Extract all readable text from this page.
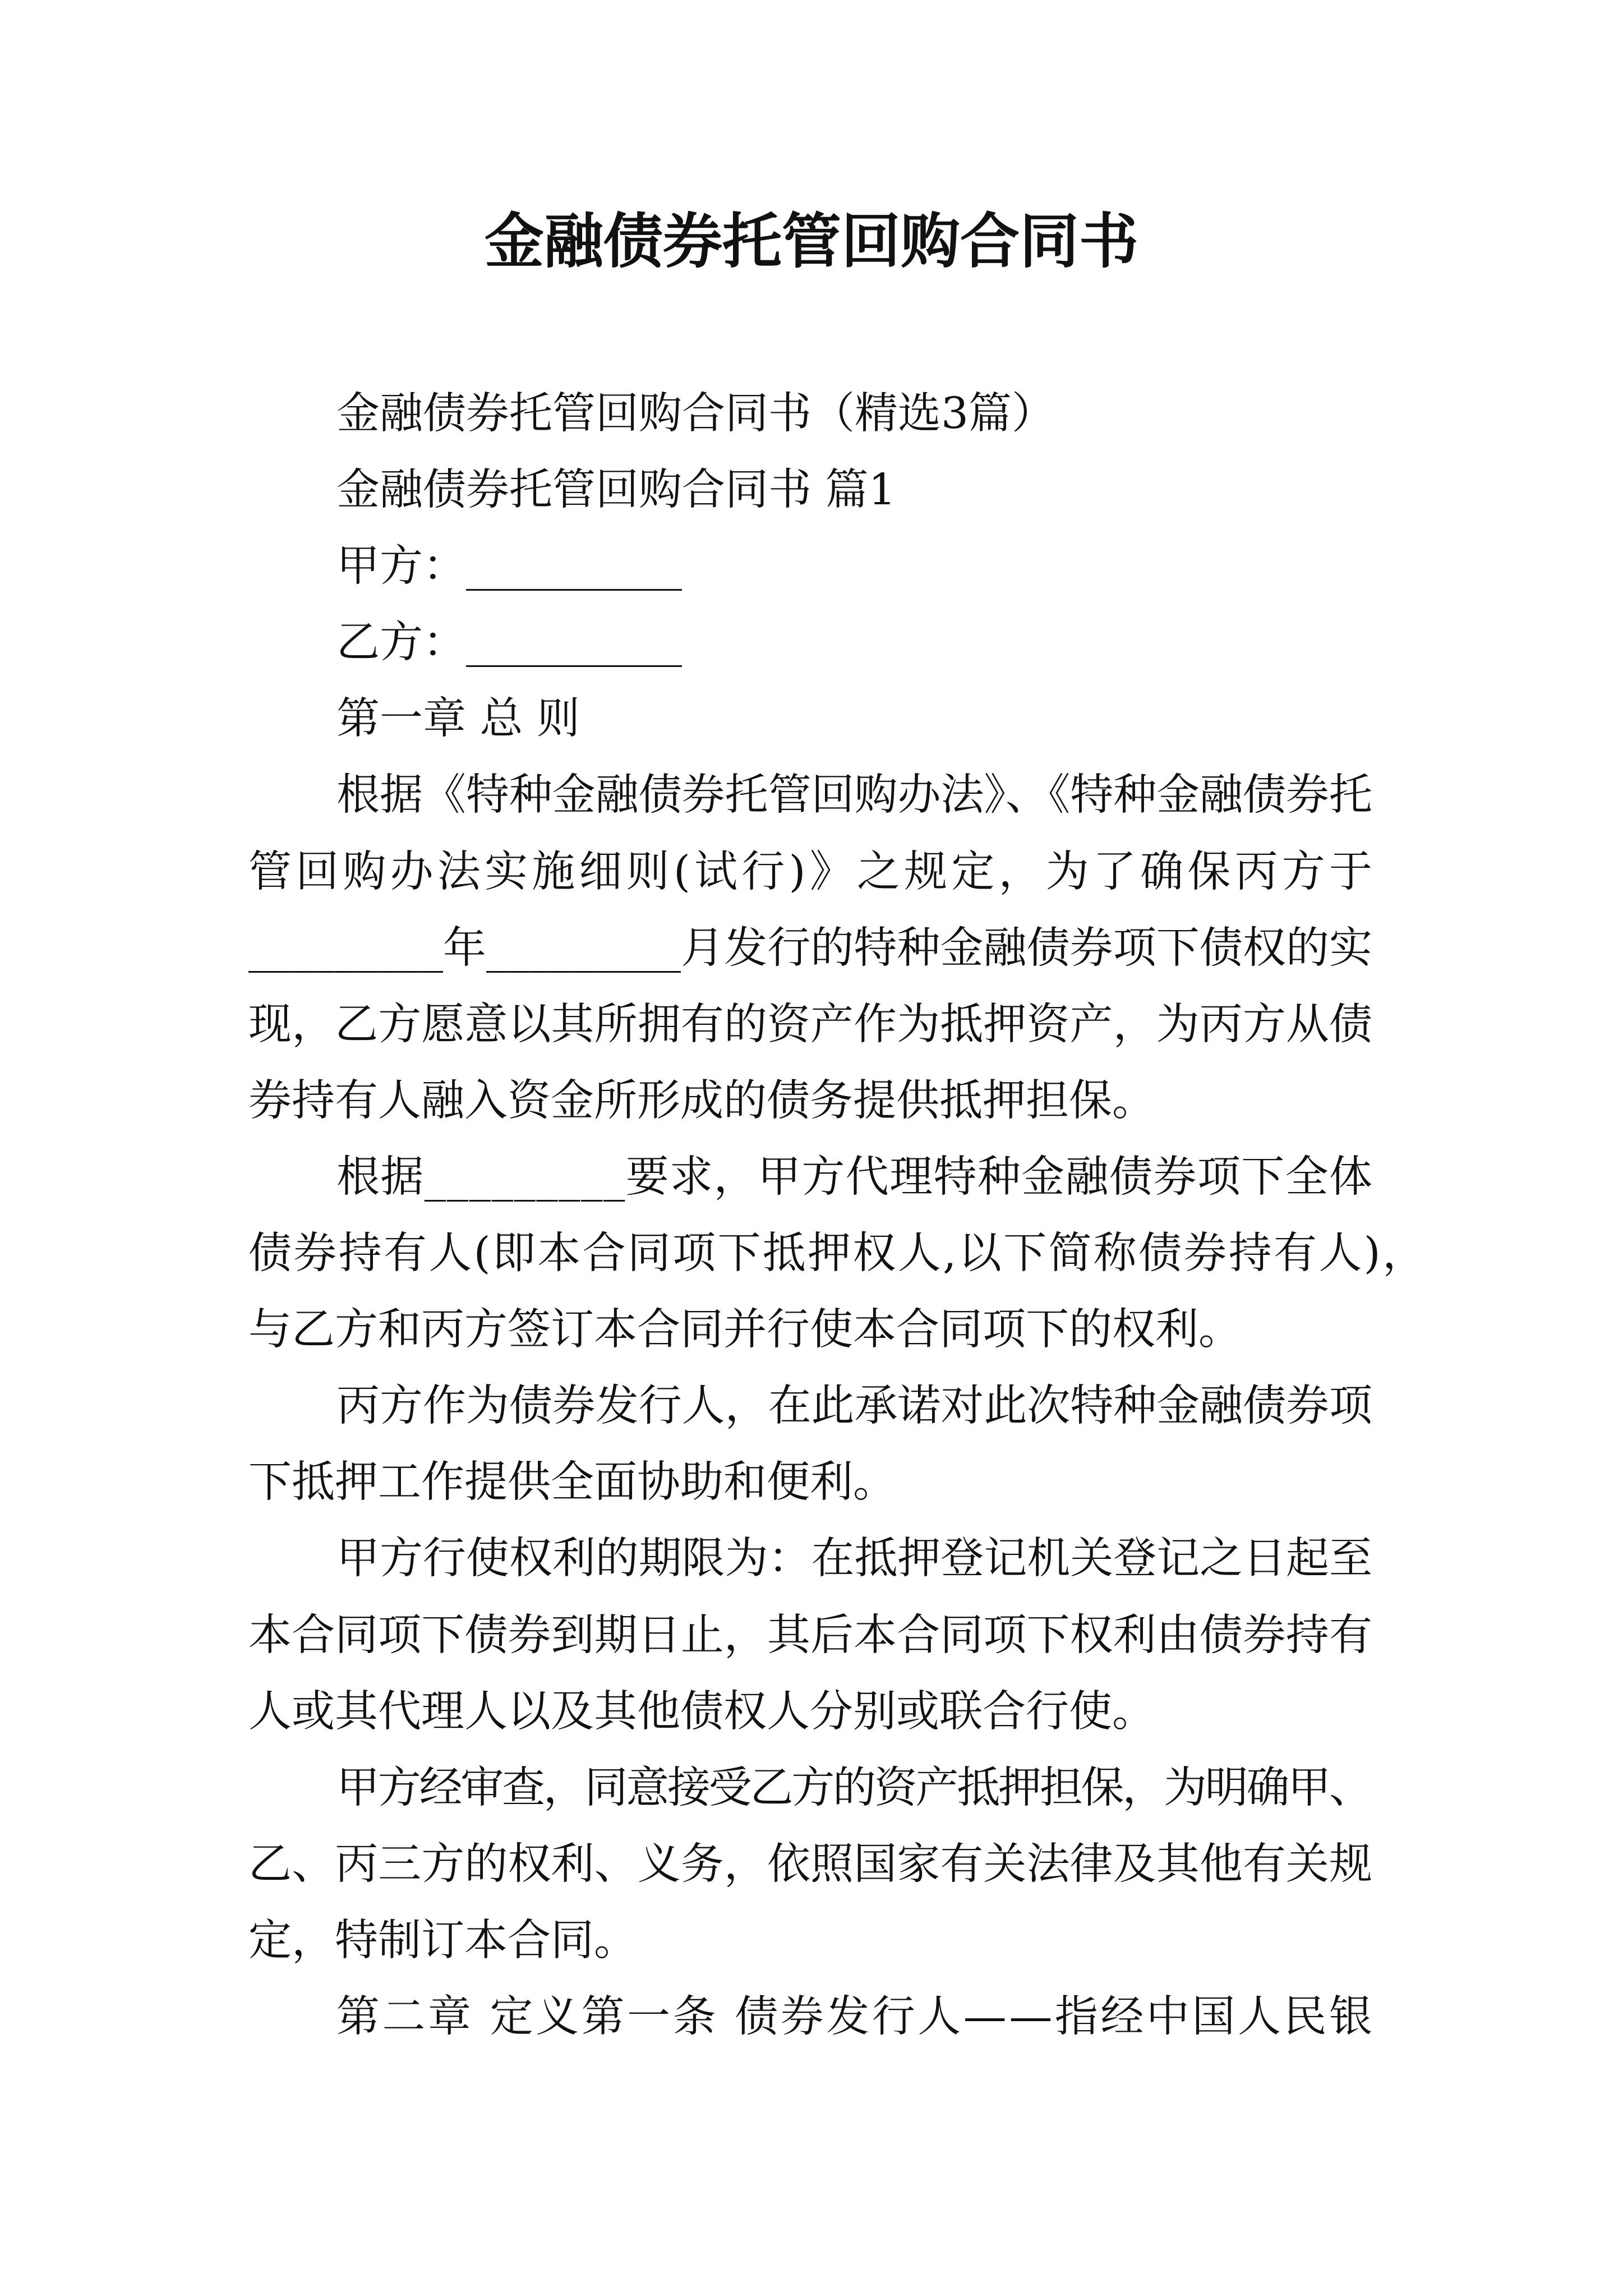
金融债券托管回购合同书
金融债券托管回购合同书（精选3篇）
金融债券托管回购合同书 篇1
甲方：__________
乙方：__________
第一章 总 则
根据《特种金融债券托管回购办法》、《特种金融债券托
管回购办法实施细则(试行)》之规定，为了确保丙方于
_________年_________月发行的特种金融债券项下债权的实
现，乙方愿意以其所拥有的资产作为抵押资产，为丙方从债
券持有人融入资金所形成的债务提供抵押担保。
根据_________要求，甲方代理特种金融债券项下全体
债券持有人(即本合同项下抵押权人,以下简称债券持有人)，
与乙方和丙方签订本合同并行使本合同项下的权利。
丙方作为债券发行人，在此承诺对此次特种金融债券项
下抵押工作提供全面协助和便利。
甲方行使权利的期限为：在抵押登记机关登记之日起至
本合同项下债券到期日止，其后本合同项下权利由债券持有
人或其代理人以及其他债权人分别或联合行使。
甲方经审查，同意接受乙方的资产抵押担保，为明确甲、
乙、丙三方的权利、义务，依照国家有关法律及其他有关规
定，特制订本合同。
第二章 定义第一条 债券发行人——指经中国人民银
